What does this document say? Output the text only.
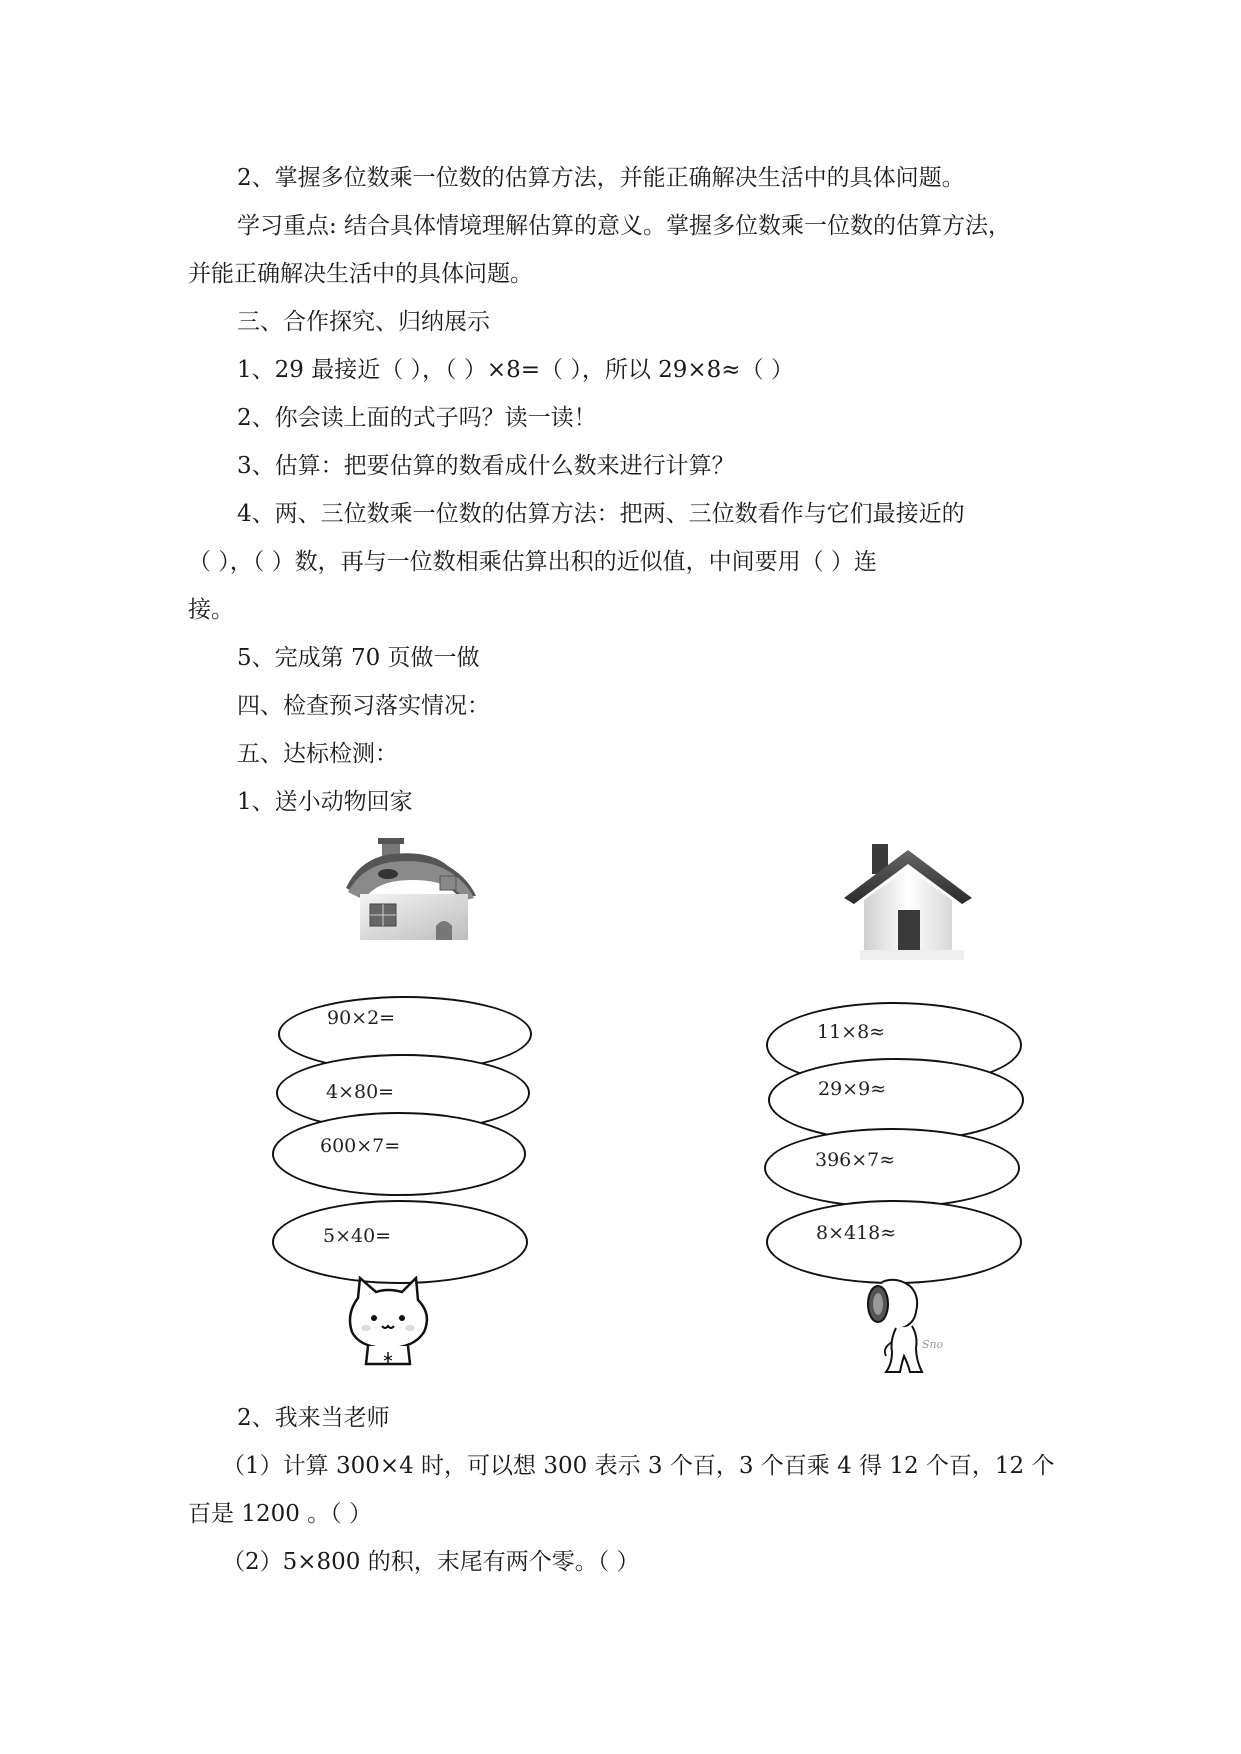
2、掌握多位数乘一位数的估算方法，并能正确解决生活中的具体问题。
学习重点: 结合具体情境理解估算的意义。掌握多位数乘一位数的估算方法，
并能正确解决生活中的具体问题。
三、合作探究、归纳展示
1、29 最接近（ ），（ ）×8=（ ），所以 29×8≈（ ）
2、你会读上面的式子吗？读一读！
3、估算：把要估算的数看成什么数来进行计算？
4、两、三位数乘一位数的估算方法：把两、三位数看作与它们最接近的
（ ），（ ）数，再与一位数相乘估算出积的近似值，中间要用（ ）连
接。
5、完成第 70 页做一做
四、检查预习落实情况：
五、达标检测：
1、送小动物回家
90×2=
4×80=
600×7=
5×40=
11×8≈
29×9≈
396×7≈
8×418≈
Sno
2、我来当老师
（1）计算 300×4 时，可以想 300 表示 3 个百，3 个百乘 4 得 12 个百，12 个
百是 1200 。（ ）
（2）5×800 的积，末尾有两个零。（ ）
